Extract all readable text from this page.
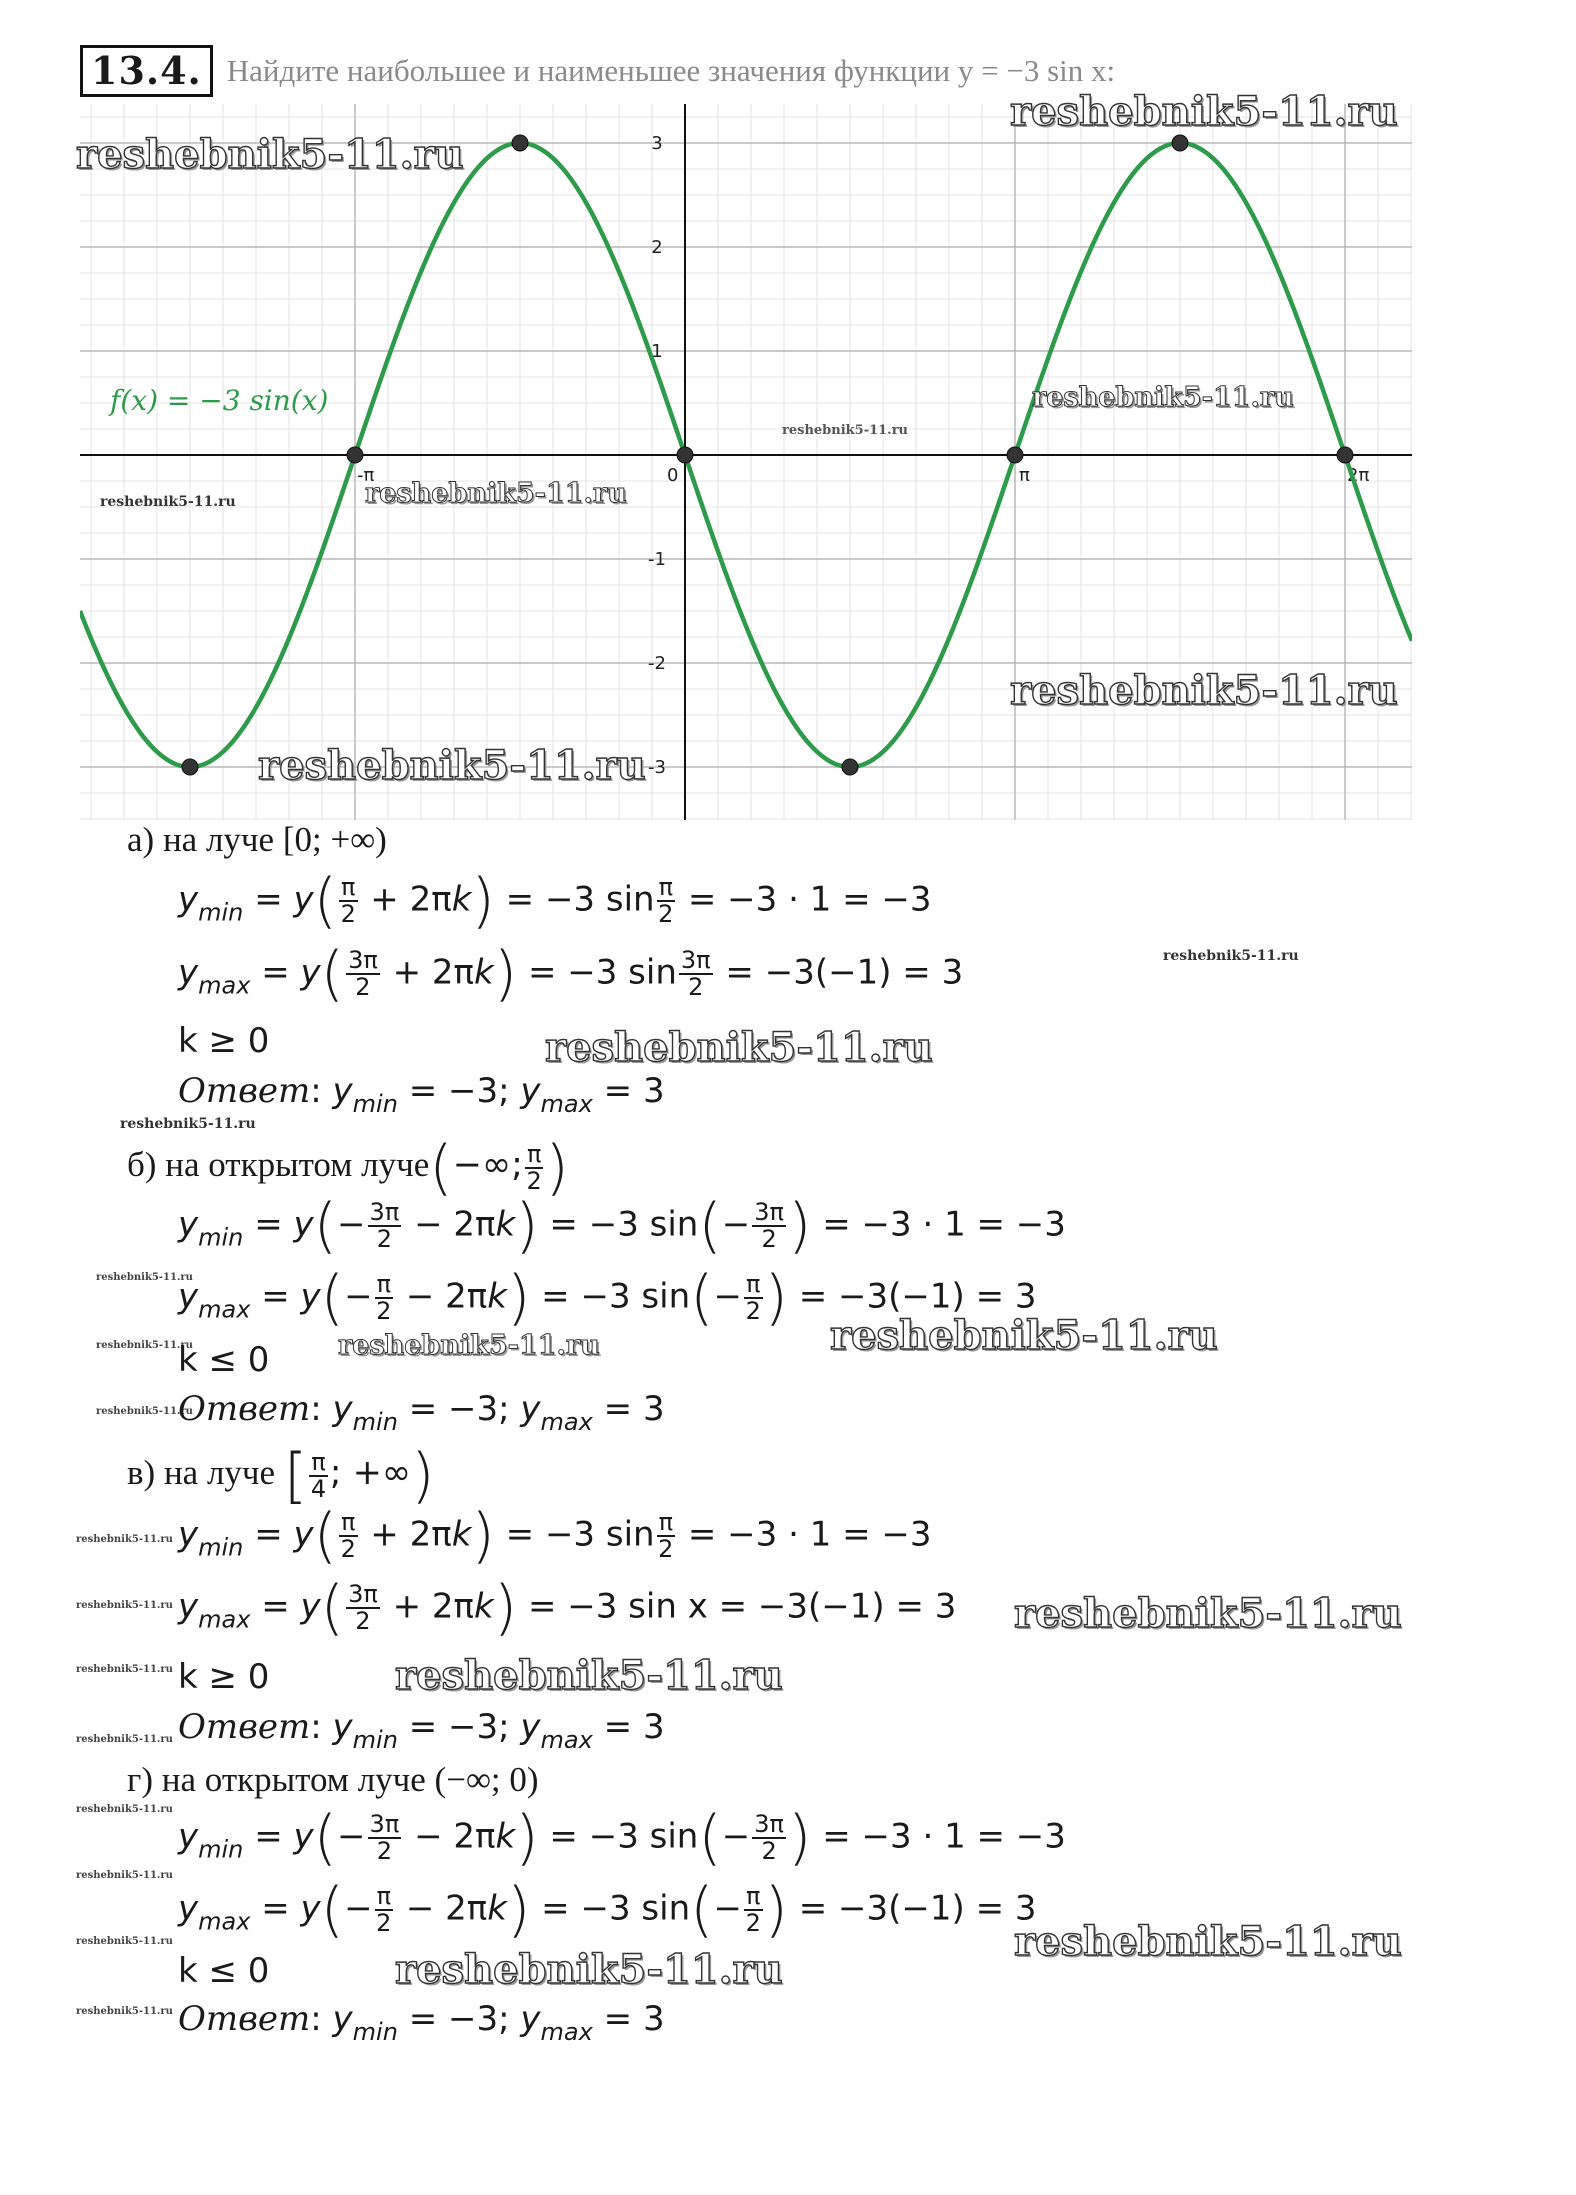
13.4. Найдите наибольшее и наименьшее значения функции y = −3 sin x:
-π	0	π	2π
3
2
1
-1
-2
-3
f(x) = −3 sin(x)
reshebnik5-11.ru
reshebnik5-11.ru
reshebnik5-11.ru
reshebnik5-11.ru
reshebnik5-11.ru
reshebnik5-11.ru
reshebnik5-11.ru
reshebnik5-11.ru
а) на луче [0; +∞)
$y_{min} = y( \frac{\pi}{2} + 2\pi k) = -3$ $\sin \frac{\pi}{2} = -3 \cdot 1 = -3$
$y_{max} = y( \frac{3\pi}{2} + 2\pi k) = -3$ $\sin \frac{3\pi}{2} = -3(-1) = 3$	reshebnik5-11.ru
k ≥ 0	reshebnik5-11.ru
Ответ: $y_{min} = -3$; $y_{max} = 3$
reshebnik5-11.ru
б) на открытом луче(−∞; $\frac{\pi}{2}$ )
$y_{min} = y(- \frac{3\pi}{2} - 2\pi k) = -3$ $\sin(- \frac{3\pi}{2}$ ) = −3 · 1 = −3
reshebnik5-11.ru
$y_{max} = y(- \frac{\pi}{2} - 2\pi k) = -3$ $\sin(- \frac{\pi}{2}$ ) = −3(−1) = 3
reshebnik5-11.ru
k ≤ 0	reshebnik5-11.ru	reshebnik5-11.ru
reshebnik5-11.ru
Ответ: $y_{min} = -3$; $y_{max} = 3$
в) на луче [ $\frac{\pi}{4}$ ; +∞)
reshebnik5-11.ru $y_{min} = y( \frac{\pi}{2} + 2\pi k) = -3$ $\sin \frac{\pi}{2} = -3 \cdot 1 = -3$
reshebnik5-11.ru $y_{max} = y( \frac{3\pi}{2} + 2\pi k) = -3$ sin x = −3(−1) = 3 reshebnik5-11.ru
reshebnik5-11.ru k ≥ 0	reshebnik5-11.ru
reshebnik5-11.ru Ответ: $y_{min} = -3$; $y_{max} = 3$
г) на открытом луче (−∞; 0)
reshebnik5-11.ru
$y_{min} = y(- \frac{3\pi}{2} - 2\pi k) = -3$ $\sin(- \frac{3\pi}{2}$ ) = −3 · 1 = −3
reshebnik5-11.ru
$y_{max} = y(- \frac{\pi}{2} - 2\pi k) = -3$ $\sin(- \frac{\pi}{2}$ ) = −3(−1) = 3
reshebnik5-11.ru
reshebnik5-11.ru
k ≤ 0	reshebnik5-11.ru
reshebnik5-11.ru Ответ: $y_{min} = -3$; $y_{max} = 3$
